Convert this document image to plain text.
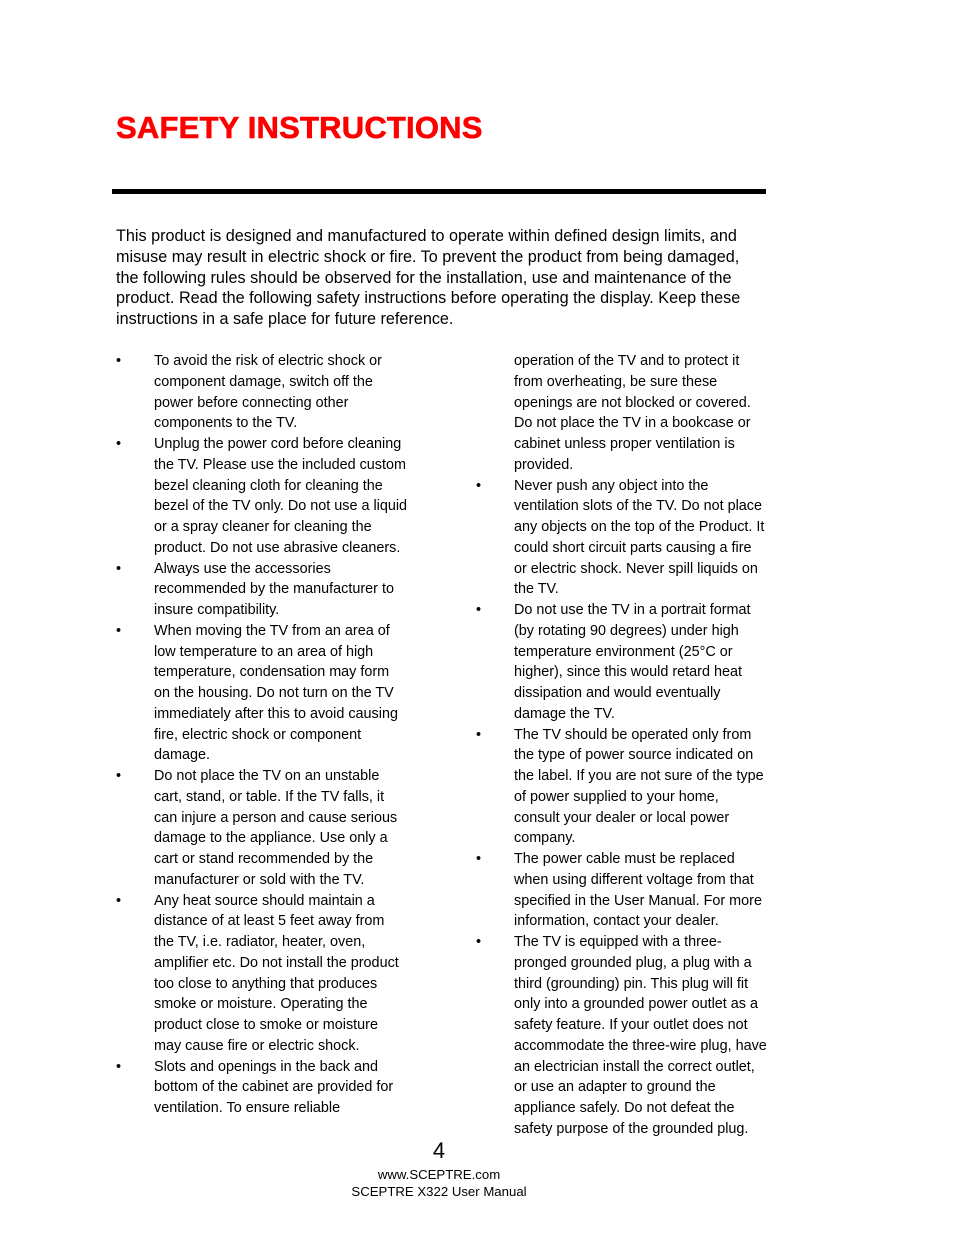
SAFETY INSTRUCTIONS

This product is designed and manufactured to operate within defined design limits, and misuse may result in electric shock or fire. To prevent the product from being damaged, the following rules should be observed for the installation, use and maintenance of the product. Read the following safety instructions before operating the display. Keep these instructions in a safe place for future reference.

•	To avoid the risk of electric shock or component damage, switch off the power before connecting other components to the TV.
•	Unplug the power cord before cleaning the TV. Please use the included custom bezel cleaning cloth for cleaning the bezel of the TV only. Do not use a liquid or a spray cleaner for cleaning the product. Do not use abrasive cleaners.
•	Always use the accessories recommended by the manufacturer to insure compatibility.
•	When moving the TV from an area of low temperature to an area of high temperature, condensation may form on the housing. Do not turn on the TV immediately after this to avoid causing fire, electric shock or component damage.
•	Do not place the TV on an unstable cart, stand, or table. If the TV falls, it can injure a person and cause serious damage to the appliance. Use only a cart or stand recommended by the manufacturer or sold with the TV.
•	Any heat source should maintain a distance of at least 5 feet away from the TV, i.e. radiator, heater, oven, amplifier etc. Do not install the product too close to anything that produces smoke or moisture. Operating the product close to smoke or moisture may cause fire or electric shock.
•	Slots and openings in the back and bottom of the cabinet are provided for ventilation. To ensure reliable
operation of the TV and to protect it from overheating, be sure these openings are not blocked or covered. Do not place the TV in a bookcase or cabinet unless proper ventilation is provided.
•	Never push any object into the ventilation slots of the TV. Do not place any objects on the top of the Product. It could short circuit parts causing a fire or electric shock. Never spill liquids on the TV.
•	Do not use the TV in a portrait format (by rotating 90 degrees) under high temperature environment (25°C or higher), since this would retard heat dissipation and would eventually damage the TV.
•	The TV should be operated only from the type of power source indicated on the label. If you are not sure of the type of power supplied to your home, consult your dealer or local power company.
•	The power cable must be replaced when using different voltage from that specified in the User Manual. For more information, contact your dealer.
•	The TV is equipped with a three-pronged grounded plug, a plug with a third (grounding) pin. This plug will fit only into a grounded power outlet as a safety feature. If your outlet does not accommodate the three-wire plug, have an electrician install the correct outlet, or use an adapter to ground the appliance safely. Do not defeat the safety purpose of the grounded plug.
4
www.SCEPTRE.com
SCEPTRE X322 User Manual
